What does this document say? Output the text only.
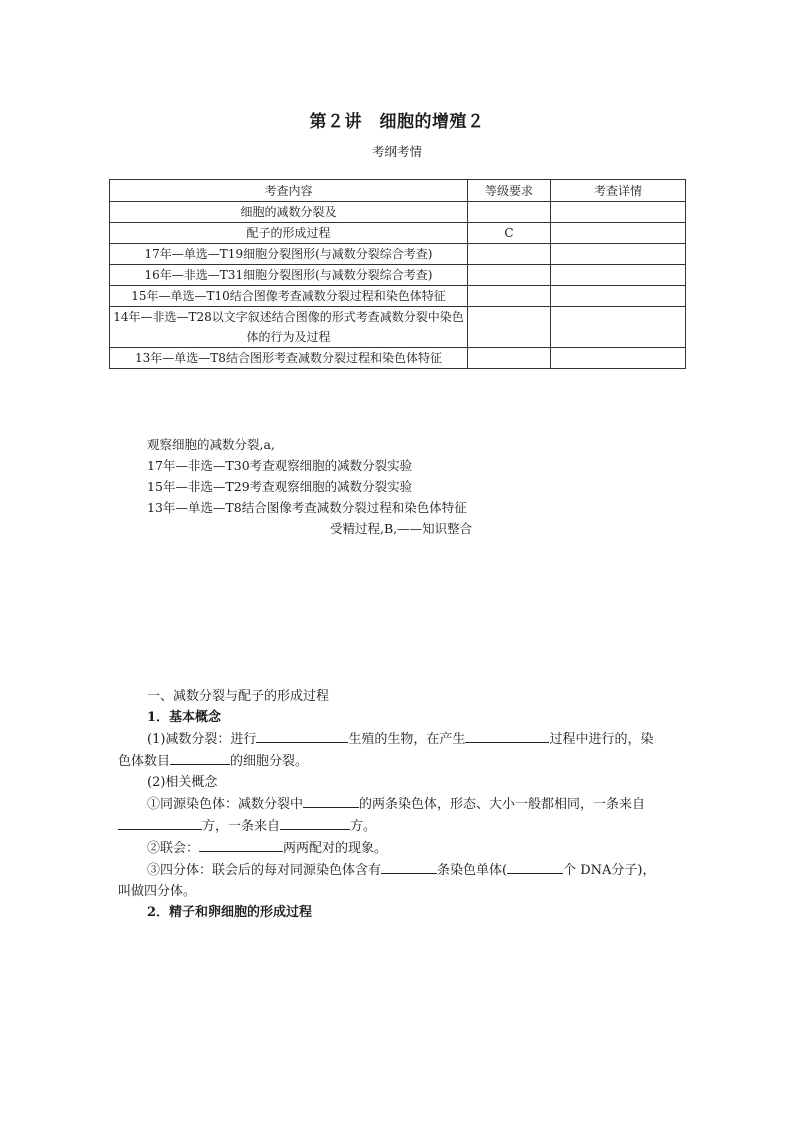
第２讲　细胞的增殖２
考纲考情
考查内容	等级要求	考查详情
细胞的减数分裂及		
配子的形成过程	C	
17年—单选—T19细胞分裂图形(与减数分裂综合考查)		
16年—非选—T31细胞分裂图形(与减数分裂综合考查)		
15年—单选—T10结合图像考查减数分裂过程和染色体特征		
14年—非选—T28以文字叙述结合图像的形式考查减数分裂中染色体的行为及过程		
13年—单选—T8结合图形考查减数分裂过程和染色体特征		
观察细胞的减数分裂,a,
17年—非选—T30考查观察细胞的减数分裂实验
15年—非选—T29考查观察细胞的减数分裂实验
13年—单选—T8结合图像考查减数分裂过程和染色体特征
受精过程,B,——知识整合
一、减数分裂与配子的形成过程
1．基本概念
(1)减数分裂：进行	生殖的生物，在产生	过程中进行的，染
色体数目	的细胞分裂。
(2)相关概念
①同源染色体：减数分裂中	的两条染色体，形态、大小一般都相同，一条来自
方，一条来自	方。
②联会：	两两配对的现象。
③四分体：联会后的每对同源染色体含有	条染色单体(	个 DNA分子)，
叫做四分体。
2．精子和卵细胞的形成过程
